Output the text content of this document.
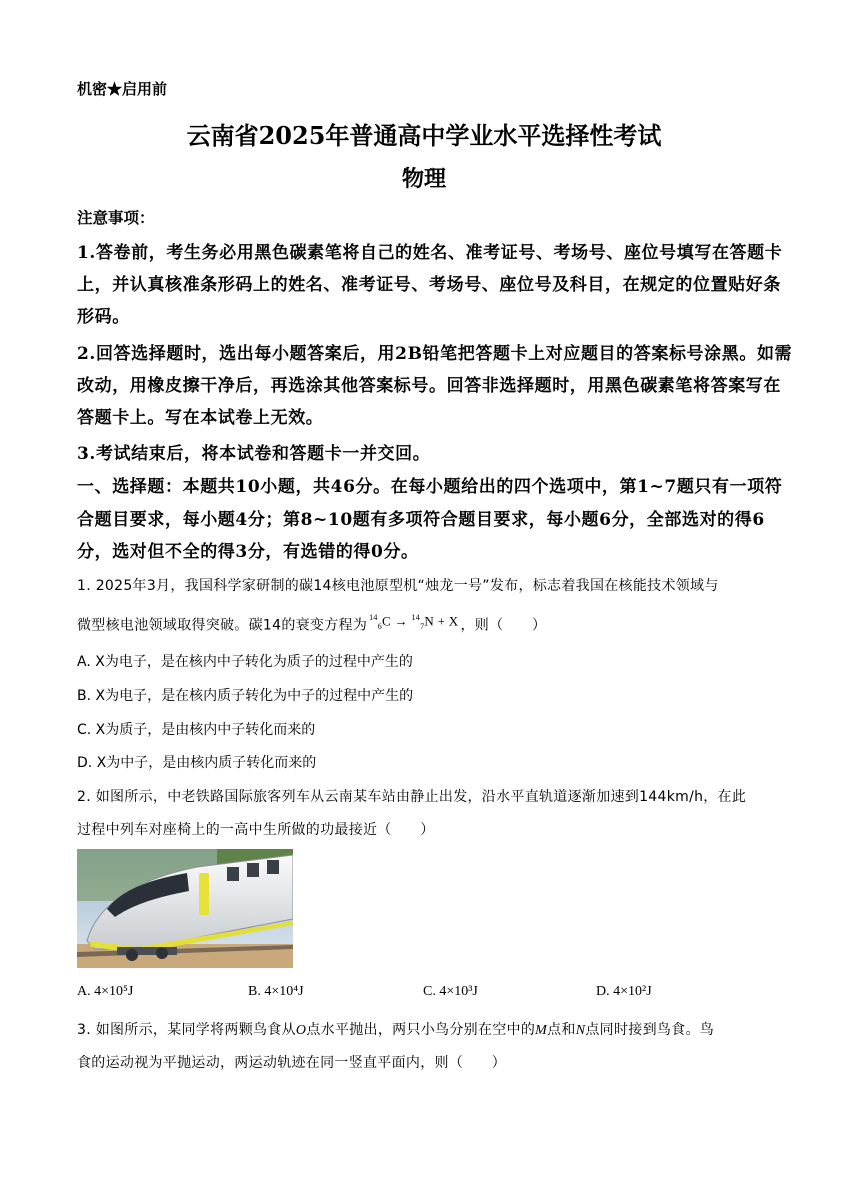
机密★启用前
云南省2025年普通高中学业水平选择性考试
物理
注意事项：
1.答卷前，考生务必用黑色碳素笔将自己的姓名、准考证号、考场号、座位号填写在答题卡
上，并认真核准条形码上的姓名、准考证号、考场号、座位号及科目，在规定的位置贴好条
形码。
2.回答选择题时，选出每小题答案后，用2B铅笔把答题卡上对应题目的答案标号涂黑。如需
改动，用橡皮擦干净后，再选涂其他答案标号。回答非选择题时，用黑色碳素笔将答案写在
答题卡上。写在本试卷上无效。
3.考试结束后，将本试卷和答题卡一并交回。
一、选择题：本题共10小题，共46分。在每小题给出的四个选项中，第1~7题只有一项符
合题目要求，每小题4分；第8~10题有多项符合题目要求，每小题6分，全部选对的得6
分，选对但不全的得3分，有选错的得0分。
1. 2025年3月，我国科学家研制的碳14核电池原型机“烛龙一号”发布，标志着我国在核能技术领域与
微型核电池领域取得突破。碳14的衰变方程为 $^{14}_6$C → $^{14}_7$N + X ，则（　　）
A. X为电子，是在核内中子转化为质子的过程中产生的
B. X为电子，是在核内质子转化为中子的过程中产生的
C. X为质子，是由核内中子转化而来的
D. X为中子，是由核内质子转化而来的
2. 如图所示，中老铁路国际旅客列车从云南某车站由静止出发，沿水平直轨道逐渐加速到144km/h，在此
过程中列车对座椅上的一高中生所做的功最接近（　　）
A. 4×10⁵J	B. 4×10⁴J	C. 4×10³J	D. 4×10²J
3. 如图所示，某同学将两颗鸟食从O点水平抛出，两只小鸟分别在空中的M点和N点同时接到鸟食。鸟
食的运动视为平抛运动，两运动轨迹在同一竖直平面内，则（　　）
